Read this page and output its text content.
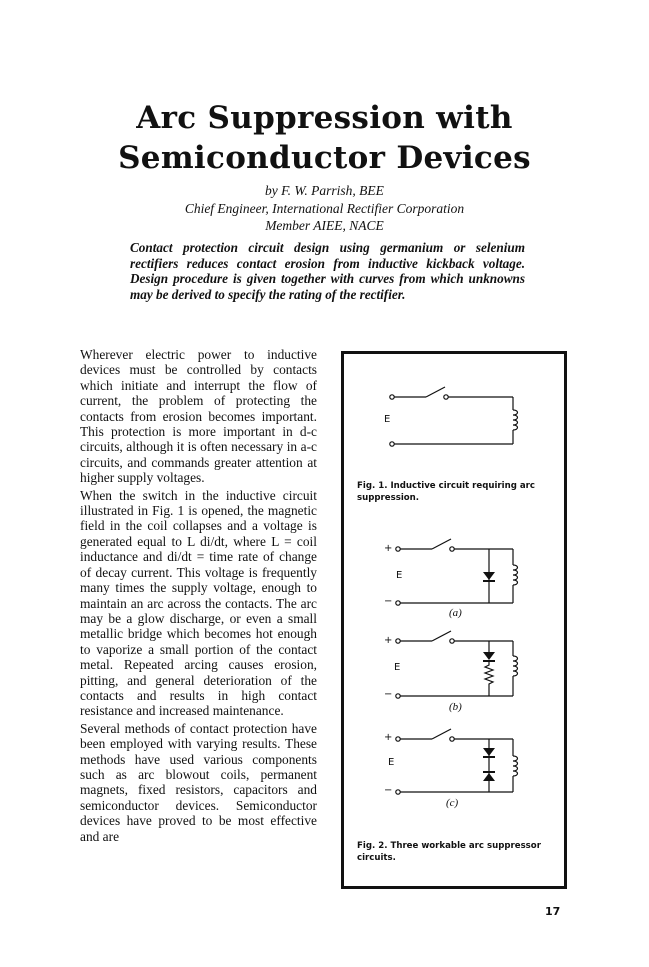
Arc Suppression with
Semiconductor Devices
by F. W. Parrish, BEE
Chief Engineer, International Rectifier Corporation
Member AIEE, NACE

Contact protection circuit design using germanium or selenium rectifiers reduces contact erosion from inductive kickback voltage. Design procedure is given together with curves from which unknowns may be derived to specify the rating of the rectifier.

Wherever electric power to inductive devices must be controlled by contacts which initiate and interrupt the flow of current, the problem of protecting the contacts from erosion becomes important. This protection is more important in d-c circuits, although it is often necessary in a-c circuits, and commands greater attention at higher supply voltages.

When the switch in the inductive circuit illustrated in Fig. 1 is opened, the magnetic field in the coil collapses and a voltage is generated equal to L di/dt, where L = coil inductance and di/dt = time rate of change of decay current. This voltage is frequently many times the supply voltage, enough to maintain an arc across the contacts. The arc may be a glow discharge, or even a small metallic bridge which becomes hot enough to vaporize a small portion of the contact metal. Repeated arcing causes erosion, pitting, and general deterioration of the contacts and results in high contact resistance and increased maintenance.

Several methods of contact protection have been employed with varying results. These methods have used various components such as arc blowout coils, permanent magnets, fixed resistors, capacitors and semiconductor devices. Semiconductor devices have proved to be most effective and are

E
Fig. 1. Inductive circuit requiring arc suppression.
+
−
E
(a)
+
−
E
(b)
+
−
E
(c)
Fig. 2. Three workable arc suppressor circuits.
17
